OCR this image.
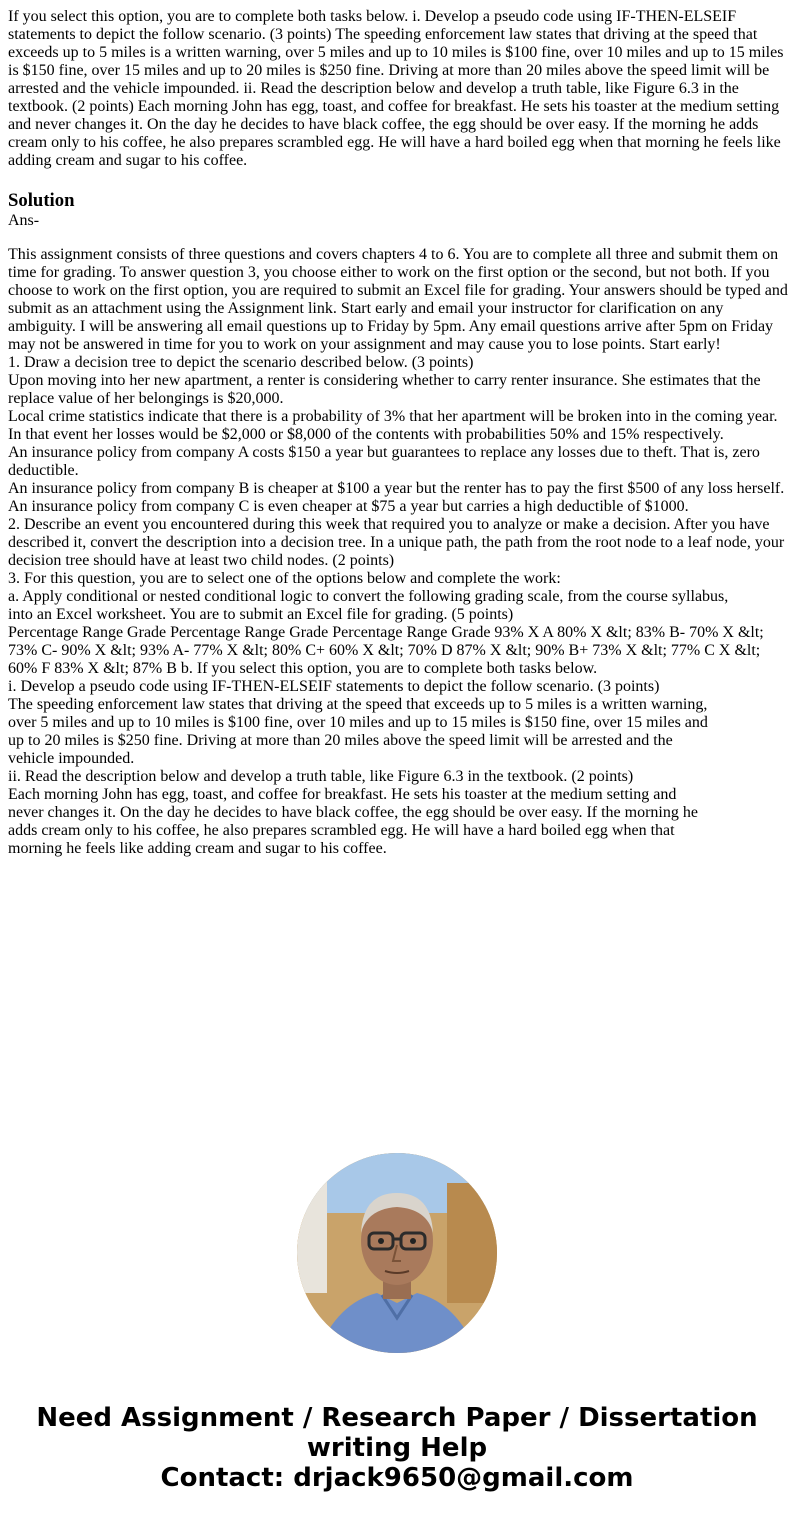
If you select this option, you are to complete both tasks below. i. Develop a pseudo code using IF-THEN-ELSEIF statements to depict the follow scenario. (3 points) The speeding enforcement law states that driving at the speed that exceeds up to 5 miles is a written warning, over 5 miles and up to 10 miles is $100 fine, over 10 miles and up to 15 miles is $150 fine, over 15 miles and up to 20 miles is $250 fine. Driving at more than 20 miles above the speed limit will be arrested and the vehicle impounded. ii. Read the description below and develop a truth table, like Figure 6.3 in the textbook. (2 points) Each morning John has egg, toast, and coffee for breakfast. He sets his toaster at the medium setting and never changes it. On the day he decides to have black coffee, the egg should be over easy. If the morning he adds cream only to his coffee, he also prepares scrambled egg. He will have a hard boiled egg when that morning he feels like adding cream and sugar to his coffee.

Solution

Ans-

This assignment consists of three questions and covers chapters 4 to 6. You are to complete all three and submit them on time for grading. To answer question 3, you choose either to work on the first option or the second, but not both. If you choose to work on the first option, you are required to submit an Excel file for grading. Your answers should be typed and
submit as an attachment using the Assignment link. Start early and email your instructor for clarification on any ambiguity. I will be answering all email questions up to Friday by 5pm. Any email questions arrive after 5pm on Friday may not be answered in time for you to work on your assignment and may cause you to lose points. Start early!
1. Draw a decision tree to depict the scenario described below. (3 points)
Upon moving into her new apartment, a renter is considering whether to carry renter insurance. She estimates that the replace value of her belongings is $20,000.
Local crime statistics indicate that there is a probability of 3% that her apartment will be broken into in the coming year. In that event her losses would be $2,000 or $8,000 of the contents with probabilities 50% and 15% respectively.
An insurance policy from company A costs $150 a year but guarantees to replace any losses due to theft. That is, zero deductible.
An insurance policy from company B is cheaper at $100 a year but the renter has to pay the first $500 of any loss herself. An insurance policy from company C is even cheaper at $75 a year but carries a high deductible of $1000.
2. Describe an event you encountered during this week that required you to analyze or make a decision. After you have described it, convert the description into a decision tree. In a unique path, the path from the root node to a leaf node, your decision tree should have at least two child nodes. (2 points)
3. For this question, you are to select one of the options below and complete the work:
a. Apply conditional or nested conditional logic to convert the following grading scale, from the course syllabus,
into an Excel worksheet. You are to submit an Excel file for grading. (5 points)
Percentage Range Grade Percentage Range Grade Percentage Range Grade 93% X A 80% X &lt; 83% B- 70% X &lt; 73% C- 90% X &lt; 93% A- 77% X &lt; 80% C+ 60% X &lt; 70% D 87% X &lt; 90% B+ 73% X &lt; 77% C X &lt; 60% F 83% X &lt; 87% B b. If you select this option, you are to complete both tasks below.
i. Develop a pseudo code using IF-THEN-ELSEIF statements to depict the follow scenario. (3 points)
The speeding enforcement law states that driving at the speed that exceeds up to 5 miles is a written warning,
over 5 miles and up to 10 miles is $100 fine, over 10 miles and up to 15 miles is $150 fine, over 15 miles and
up to 20 miles is $250 fine. Driving at more than 20 miles above the speed limit will be arrested and the
vehicle impounded.
ii. Read the description below and develop a truth table, like Figure 6.3 in the textbook. (2 points)
Each morning John has egg, toast, and coffee for breakfast. He sets his toaster at the medium setting and
never changes it. On the day he decides to have black coffee, the egg should be over easy. If the morning he
adds cream only to his coffee, he also prepares scrambled egg. He will have a hard boiled egg when that
morning he feels like adding cream and sugar to his coffee.
Need Assignment / Research Paper / Dissertation
writing Help
Contact: drjack9650@gmail.com
